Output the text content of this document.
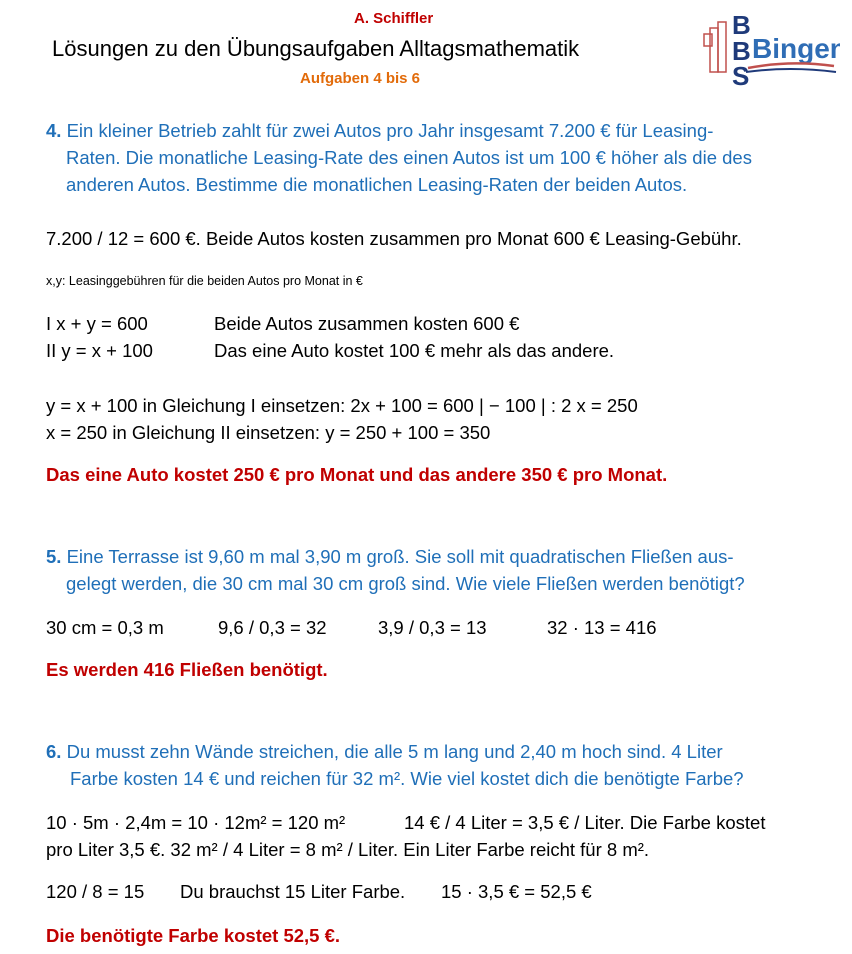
A. Schiffler
Lösungen zu den Übungsaufgaben Alltagsmathematik
Aufgaben 4 bis 6
B
B
S
Bingen
4. Ein kleiner Betrieb zahlt für zwei Autos pro Jahr insgesamt 7.200 € für Leasing-
Raten. Die monatliche Leasing-Rate des einen Autos ist um 100 € höher als die des
anderen Autos. Bestimme die monatlichen Leasing-Raten der beiden Autos.
7.200 / 12 = 600 €. Beide Autos kosten zusammen pro Monat 600 € Leasing-Gebühr.
x,y: Leasinggebühren für die beiden Autos pro Monat in €
I x + y = 600	Beide Autos zusammen kosten 600 €
II y = x + 100	Das eine Auto kostet 100 € mehr als das andere.
y = x + 100 in Gleichung I einsetzen: 2x + 100 = 600 | − 100 | : 2 x = 250
x = 250 in Gleichung II einsetzen: y = 250 + 100 = 350
Das eine Auto kostet 250 € pro Monat und das andere 350 € pro Monat.
5. Eine Terrasse ist 9,60 m mal 3,90 m groß. Sie soll mit quadratischen Fließen aus-
gelegt werden, die 30 cm mal 30 cm groß sind. Wie viele Fließen werden benötigt?
30 cm = 0,3 m	9,6 / 0,3 = 32	3,9 / 0,3 = 13	32 · 13 = 416
Es werden 416 Fließen benötigt.
6. Du musst zehn Wände streichen, die alle 5 m lang und 2,40 m hoch sind. 4 Liter
Farbe kosten 14 € und reichen für 32 m². Wie viel kostet dich die benötigte Farbe?
10 · 5m · 2,4m = 10 · 12m² = 120 m²	14 € / 4 Liter = 3,5 € / Liter. Die Farbe kostet
pro Liter 3,5 €. 32 m² / 4 Liter = 8 m² / Liter. Ein Liter Farbe reicht für 8 m².
120 / 8 = 15 Du brauchst 15 Liter Farbe. 15 · 3,5 € = 52,5 €
Die benötigte Farbe kostet 52,5 €.
